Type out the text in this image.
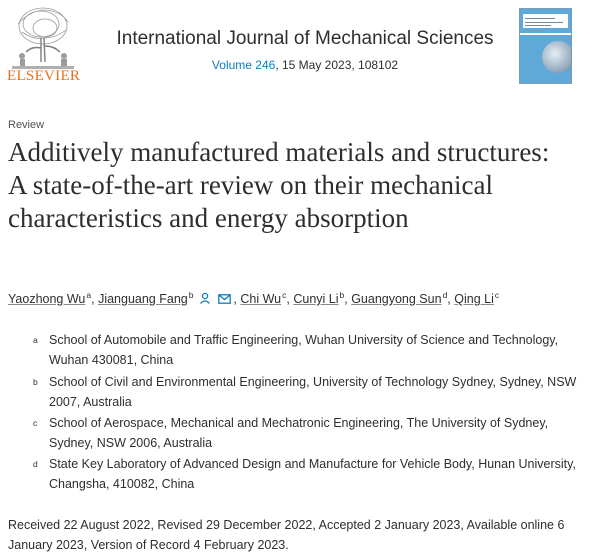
ELSEVIER
International Journal of Mechanical Sciences
Volume 246, 15 May 2023, 108102
Review
Additively manufactured materials and structures: A state-of-the-art review on their mechanical characteristics and energy absorption
Yaozhong Wu$^a$, Jianguang Fang$^b$	, Chi Wu$^c$, Cunyi Li$^b$, Guangyong Sun$^d$, Qing Li$^c$
a School of Automobile and Traffic Engineering, Wuhan University of Science and Technology, Wuhan 430081, China
b School of Civil and Environmental Engineering, University of Technology Sydney, Sydney, NSW 2007, Australia
c School of Aerospace, Mechanical and Mechatronic Engineering, The University of Sydney, Sydney, NSW 2006, Australia
d State Key Laboratory of Advanced Design and Manufacture for Vehicle Body, Hunan University, Changsha, 410082, China
Received 22 August 2022, Revised 29 December 2022, Accepted 2 January 2023, Available online 6 January 2023, Version of Record 4 February 2023.
